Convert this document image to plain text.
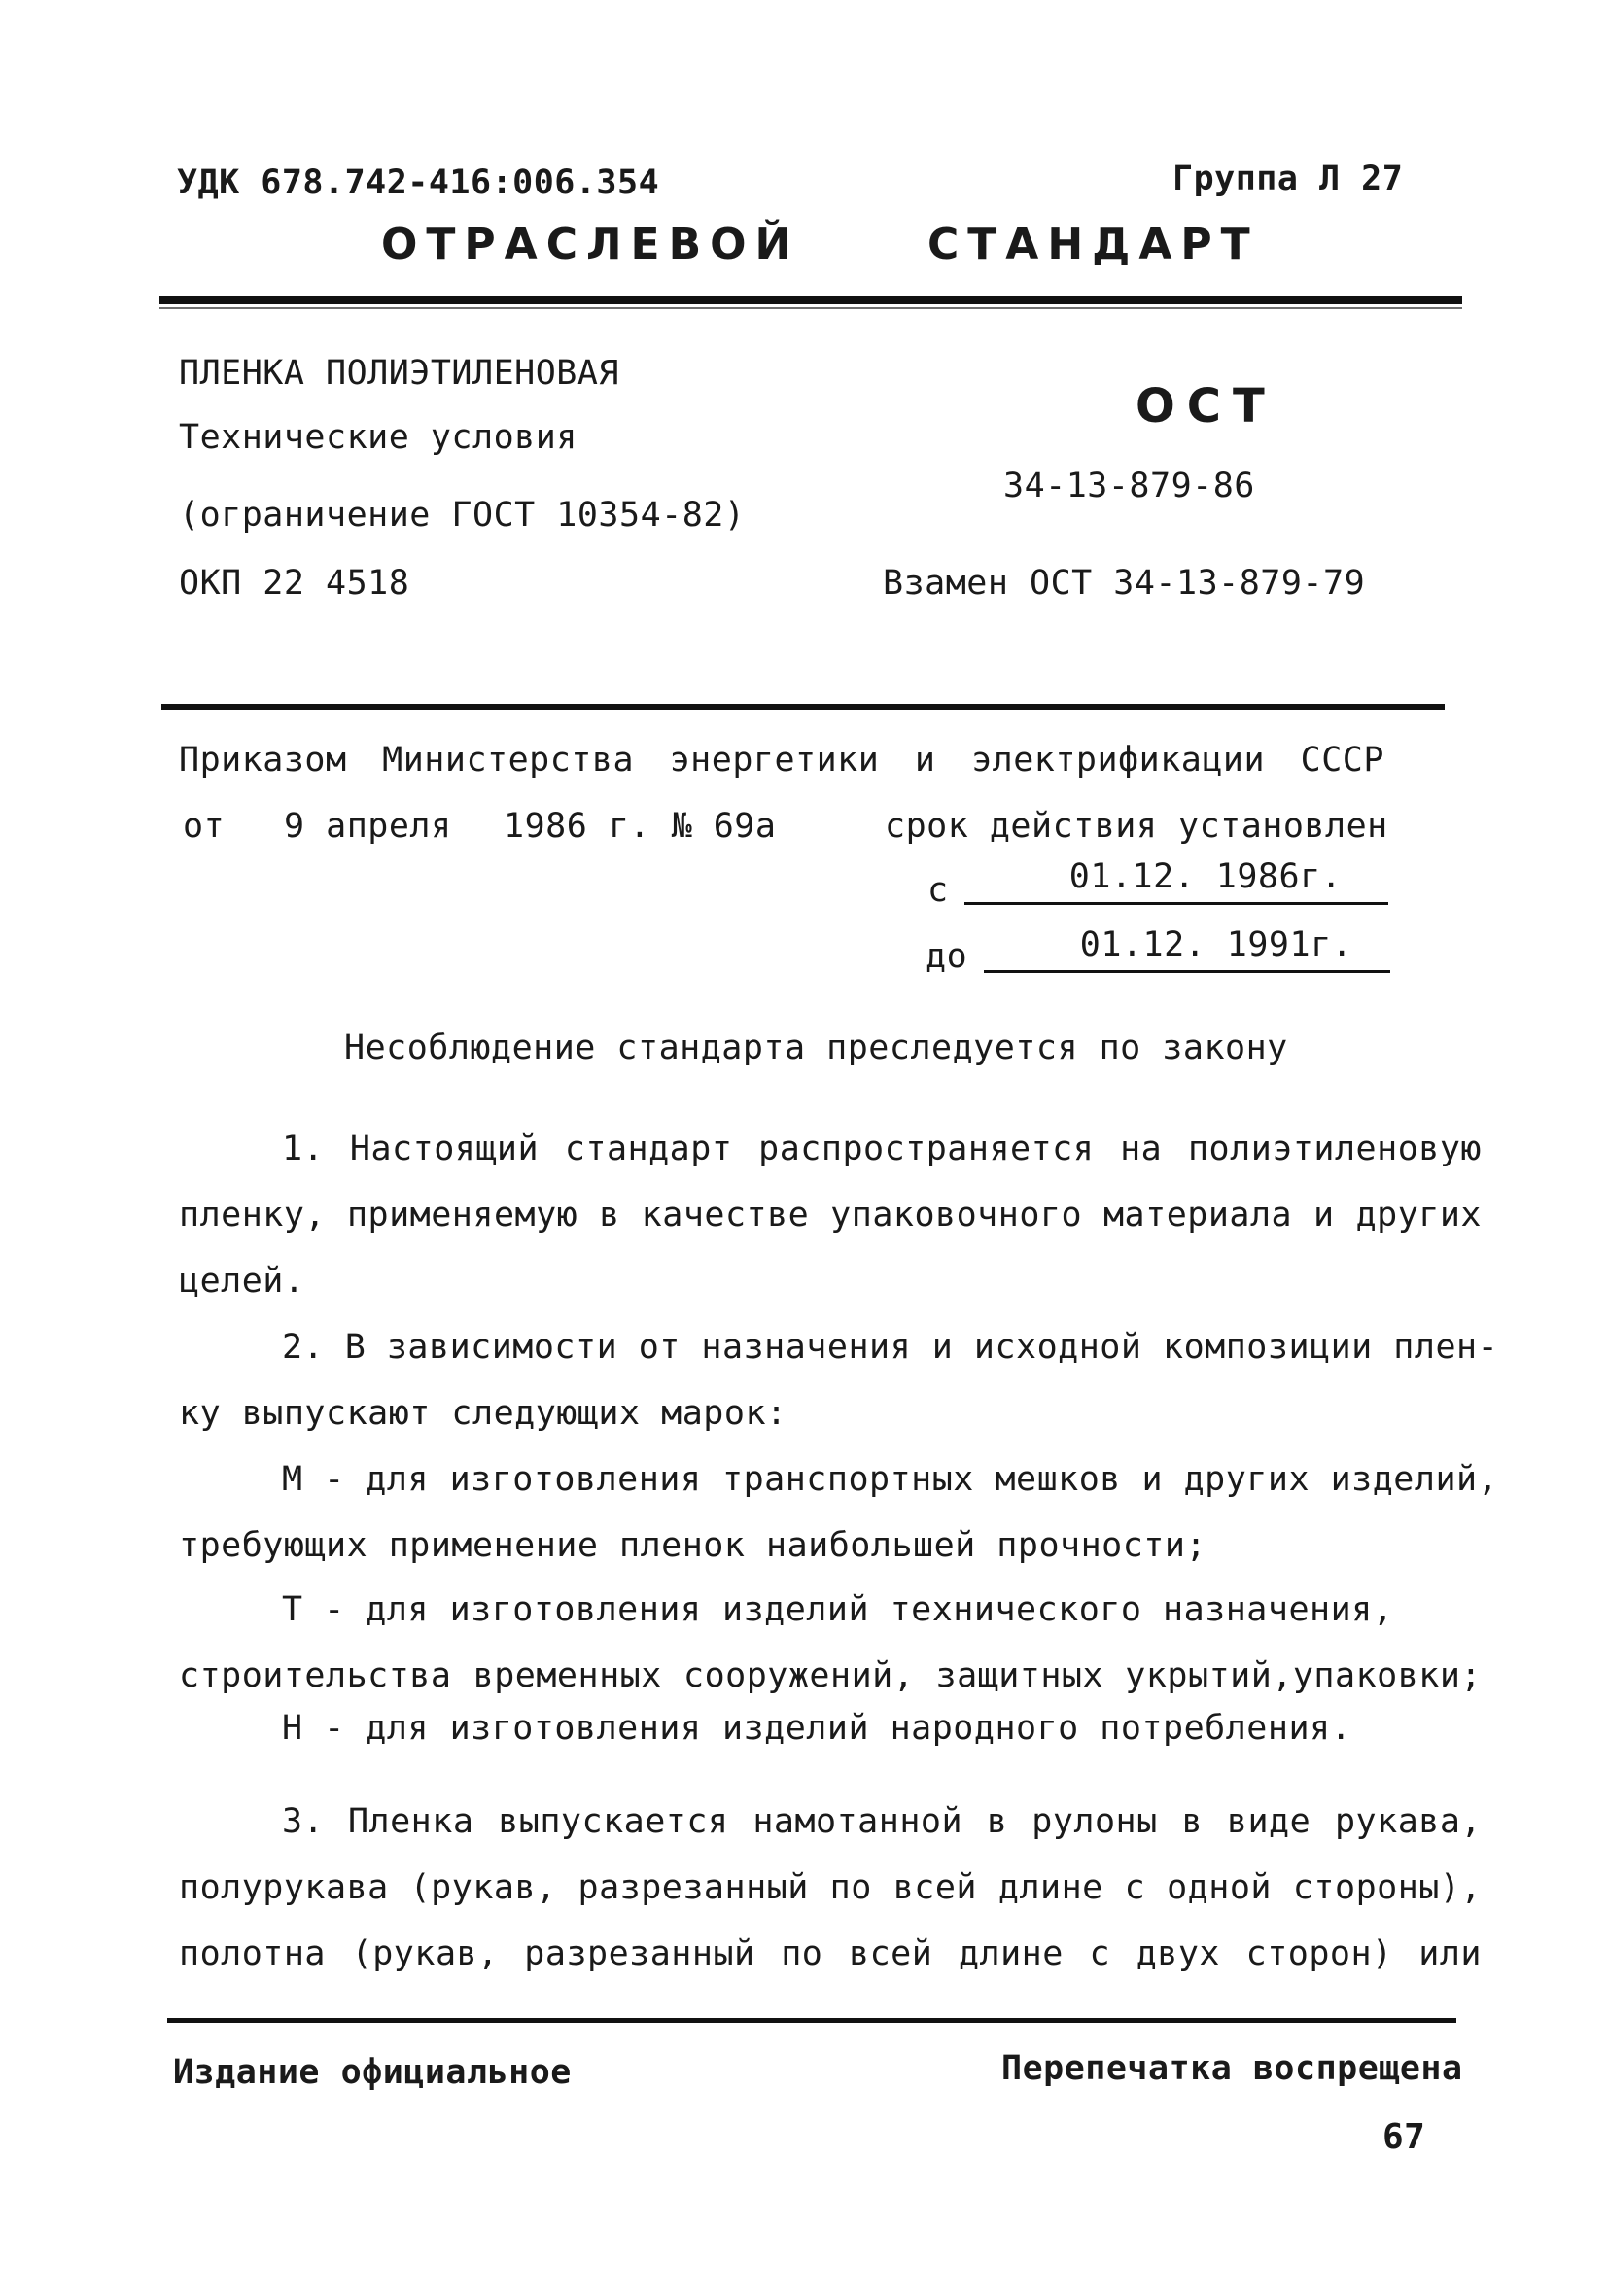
УДК 678.742-416:006.354	Группа Л 27
ОТРАСЛЕВОЙ	СТАНДАРТ
ПЛЕНКА ПОЛИЭТИЛЕНОВАЯ
Технические условия
(ограничение ГОСТ 10354-82)
ОКП 22 4518
ОСТ
34-13-879-86
Взамен ОСТ 34-13-879-79
Приказом Министерства энергетики и электрификации СССР
от 9 апреля 1986 г. № 69а	срок действия установлен
с	01.12. 1986г.
до	01.12. 1991г.
Несоблюдение стандарта преследуется по закону
1. Настоящий стандарт распространяется на полиэтиленовую
пленку, применяемую в качестве упаковочного материала и других
целей.
2. В зависимости от назначения и исходной композиции плен-
ку выпускают следующих марок:
М - для изготовления транспортных мешков и других изделий,
требующих применение пленок наибольшей прочности;
Т - для изготовления изделий технического назначения,
строительства временных сооружений, защитных укрытий,упаковки;
Н - для изготовления изделий народного потребления.
3. Пленка выпускается намотанной в рулоны в виде рукава,
полурукава (рукав, разрезанный по всей длине с одной стороны),
полотна (рукав, разрезанный по всей длине с двух сторон) или
Издание официальное	Перепечатка воспрещена
67
